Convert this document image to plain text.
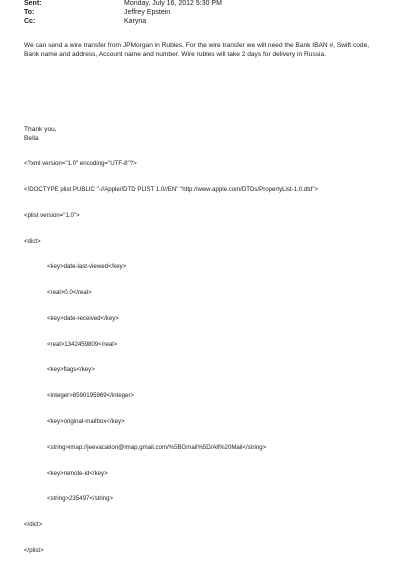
Sent:	Monday, July 16, 2012 5:30 PM
To:	Jeffrey Epstein
Cc:	Karyna

We can send a wire transfer from JPMorgan in Rubles. For the wire transfer we will need the Bank IBAN #, Swift code, Bank name and address, Account name and number. Wire rubles will take 2 days for delivery in Russia.

Thank you,

Bella

<?xml version="1.0" encoding="UTF-8"?>

<!DOCTYPE plist PUBLIC "-//Apple//DTD PLIST 1.0//EN" "http://www.apple.com/DTDs/PropertyList-1.0.dtd">

<plist version="1.0">

<dict>

<key>date-last-viewed</key>

<real>0.0</real>

<key>date-received</key>

<real>1342459809</real>

<key>flags</key>

<integer>8590195969</integer>

<key>original-mailbox</key>

<string>imap://jeevacation@imap.gmail.com/%5BGmail%5D/All%20Mail</string>

<key>remote-id</key>

<string>235497</string>

</dict>

</plist>
